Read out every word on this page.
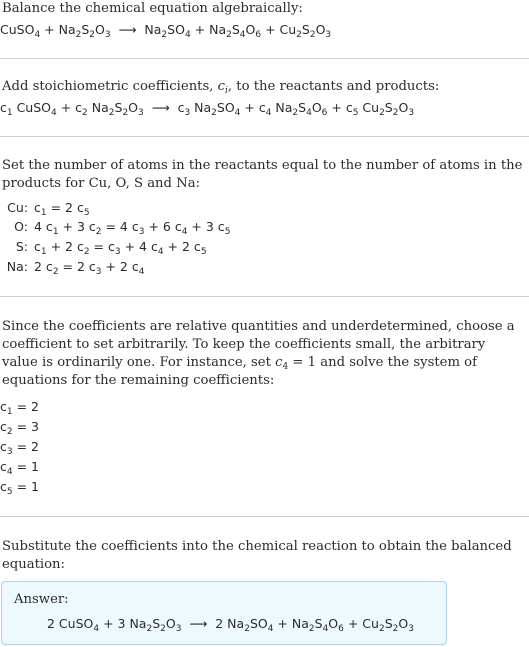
Balance the chemical equation algebraically:
CuSO$_4$ + $Na_2S_2O_3$  ⟶  $Na_2SO_4 + Na_2S_4O_6 + Cu_2S_2O_3$
Add stoichiometric coefficients, $c_i$, to the reactants and products:
$c_1$ CuSO$_4$ + $c_2$ $Na_2S_2O_3$  ⟶  $c_3$ $Na_2SO_4 + c_4$ $Na_2S_4O_6 + c_5$ $Cu_2S_2O_3$
Set the number of atoms in the reactants equal to the number of atoms in the products for Cu, O, S and Na:
Cu: $c_1 = 2$ $c_5$
O: 4 $c_1 + 3$ $c_2 = 4$ $c_3 + 6$ $c_4 + 3$ $c_5$
S: $c_1 + 2$ $c_2 = c_3 + 4$ $c_4 + 2$ $c_5$
Na: 2 $c_2 = 2$ $c_3 + 2$ $c_4$
Since the coefficients are relative quantities and underdetermined, choose a coefficient to set arbitrarily. To keep the coefficients small, the arbitrary value is ordinarily one. For instance, set $c_4 = 1$ and solve the system of equations for the remaining coefficients:
$c_1 = 2$
$c_2 = 3$
$c_3 = 2$
$c_4 = 1$
$c_5 = 1$
Substitute the coefficients into the chemical reaction to obtain the balanced equation:
Answer:
2 CuSO$_4$ + 3 $Na_2S_2O_3$  ⟶  2 $Na_2SO_4 + Na_2S_4O_6 + Cu_2S_2O_3$
